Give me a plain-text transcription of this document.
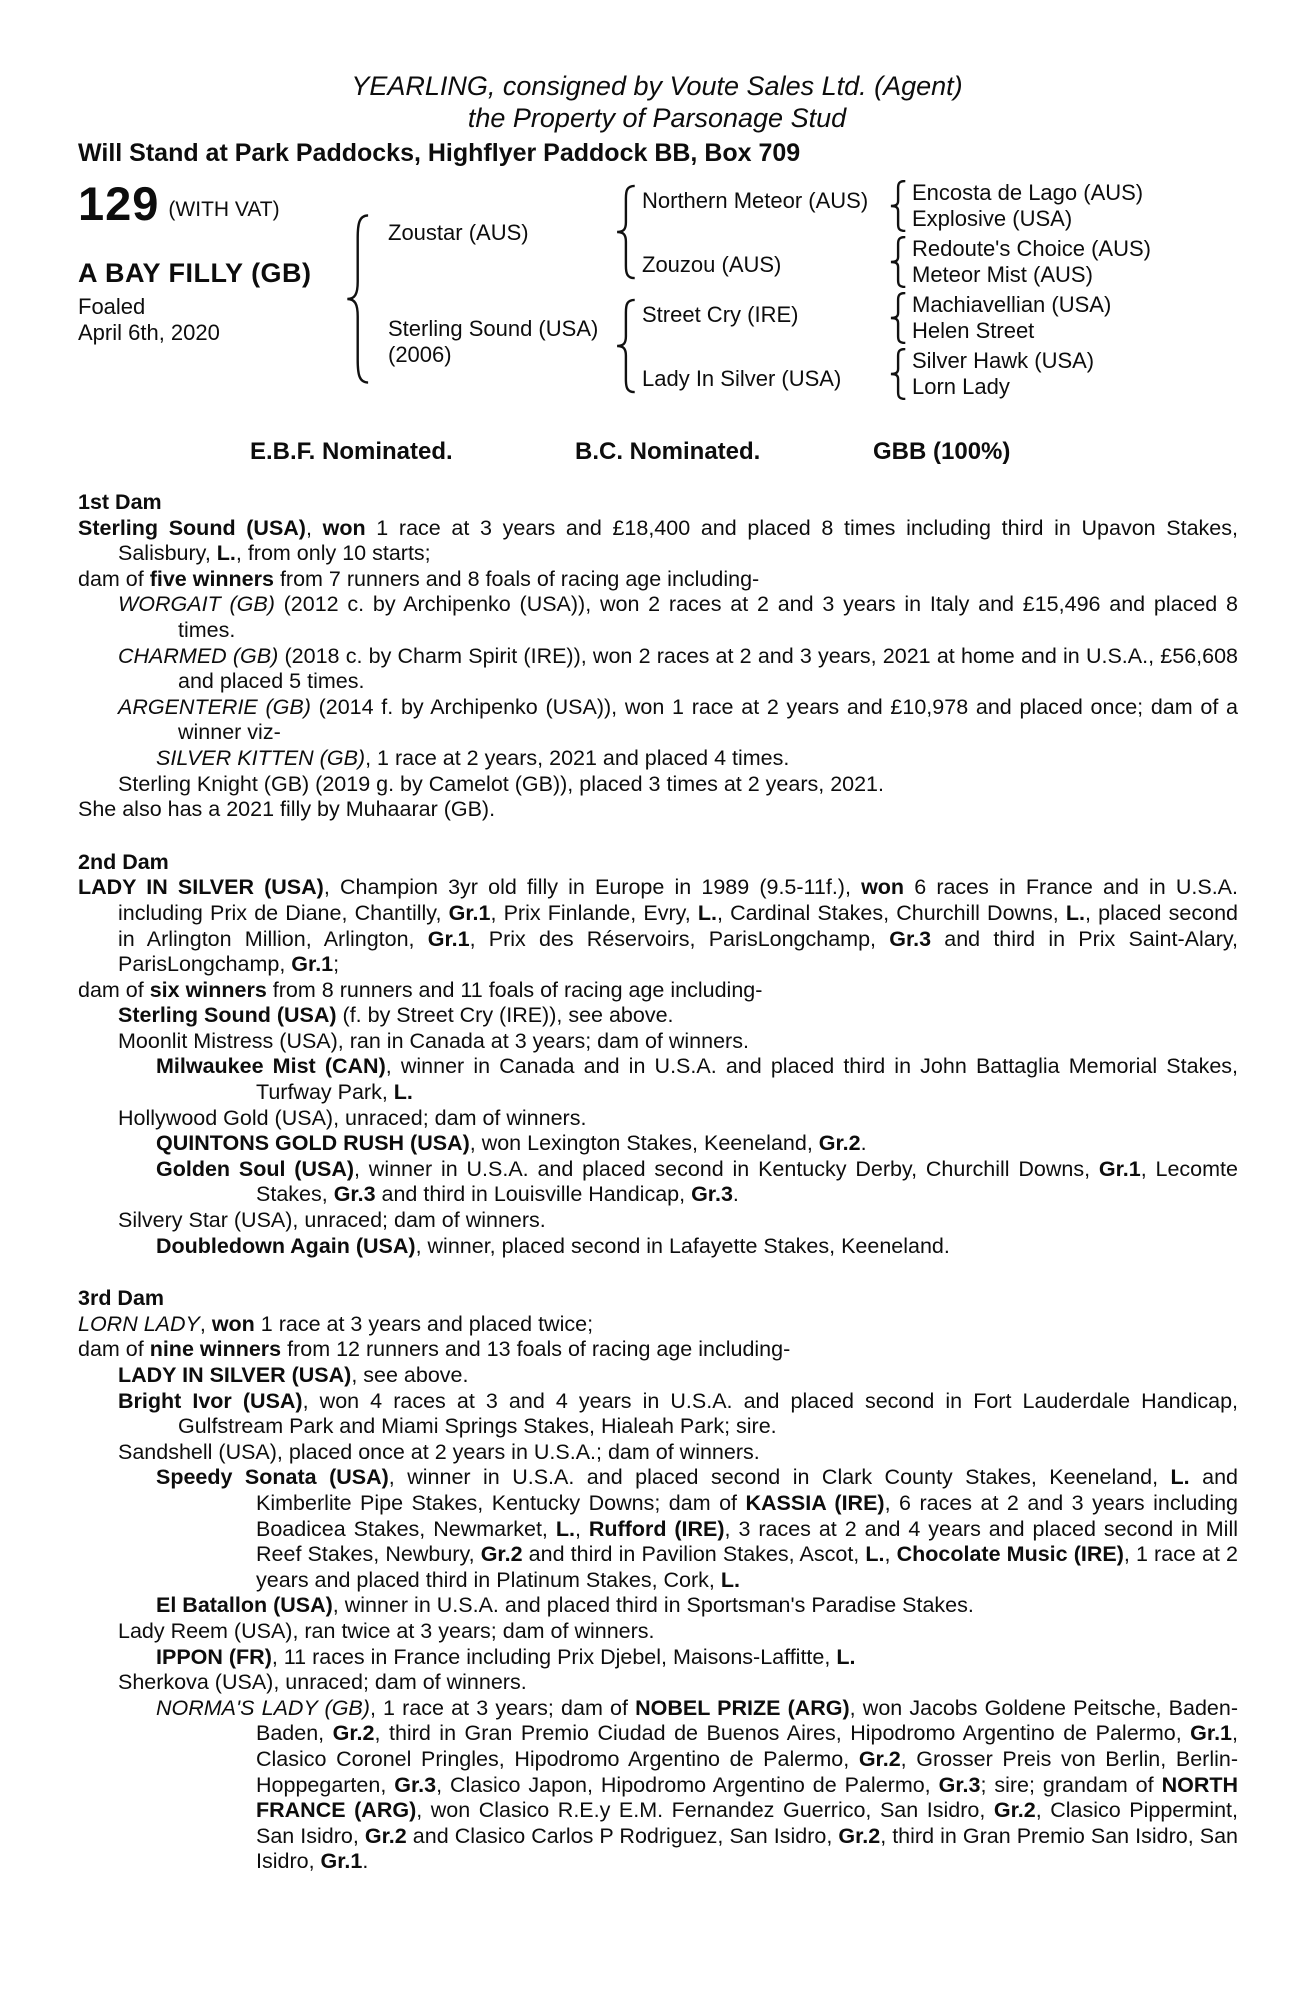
YEARLING, consigned by Voute Sales Ltd. (Agent)
the Property of Parsonage Stud
Will Stand at Park Paddocks, Highflyer Paddock BB, Box 709
129 (WITH VAT)
A BAY FILLY (GB)
Foaled
April 6th, 2020
Zoustar (AUS)
Sterling Sound (USA)
(2006)
Northern Meteor (AUS)
Zouzou (AUS)
Street Cry (IRE)
Lady In Silver (USA)
Encosta de Lago (AUS)
Explosive (USA)
Redoute's Choice (AUS)
Meteor Mist (AUS)
Machiavellian (USA)
Helen Street
Silver Hawk (USA)
Lorn Lady
E.B.F. Nominated.	B.C. Nominated.	GBB (100%)
1st Dam

Sterling Sound (USA), won 1 race at 3 years and £18,400 and placed 8 times including third in Upavon Stakes, Salisbury, L., from only 10 starts;

dam of five winners from 7 runners and 8 foals of racing age including-

WORGAIT (GB) (2012 c. by Archipenko (USA)), won 2 races at 2 and 3 years in Italy and £15,496 and placed 8 times.

CHARMED (GB) (2018 c. by Charm Spirit (IRE)), won 2 races at 2 and 3 years, 2021 at home and in U.S.A., £56,608 and placed 5 times.

ARGENTERIE (GB) (2014 f. by Archipenko (USA)), won 1 race at 2 years and £10,978 and placed once; dam of a winner viz-

SILVER KITTEN (GB), 1 race at 2 years, 2021 and placed 4 times.

Sterling Knight (GB) (2019 g. by Camelot (GB)), placed 3 times at 2 years, 2021.

She also has a 2021 filly by Muhaarar (GB).

2nd Dam

LADY IN SILVER (USA), Champion 3yr old filly in Europe in 1989 (9.5-11f.), won 6 races in France and in U.S.A. including Prix de Diane, Chantilly, Gr.1, Prix Finlande, Evry, L., Cardinal Stakes, Churchill Downs, L., placed second in Arlington Million, Arlington, Gr.1, Prix des Réservoirs, ParisLongchamp, Gr.3 and third in Prix Saint-Alary, ParisLongchamp, Gr.1;

dam of six winners from 8 runners and 11 foals of racing age including-

Sterling Sound (USA) (f. by Street Cry (IRE)), see above.

Moonlit Mistress (USA), ran in Canada at 3 years; dam of winners.

Milwaukee Mist (CAN), winner in Canada and in U.S.A. and placed third in John Battaglia Memorial Stakes, Turfway Park, L.

Hollywood Gold (USA), unraced; dam of winners.

QUINTONS GOLD RUSH (USA), won Lexington Stakes, Keeneland, Gr.2.

Golden Soul (USA), winner in U.S.A. and placed second in Kentucky Derby, Churchill Downs, Gr.1, Lecomte Stakes, Gr.3 and third in Louisville Handicap, Gr.3.

Silvery Star (USA), unraced; dam of winners.

Doubledown Again (USA), winner, placed second in Lafayette Stakes, Keeneland.

3rd Dam

LORN LADY, won 1 race at 3 years and placed twice;

dam of nine winners from 12 runners and 13 foals of racing age including-

LADY IN SILVER (USA), see above.

Bright Ivor (USA), won 4 races at 3 and 4 years in U.S.A. and placed second in Fort Lauderdale Handicap, Gulfstream Park and Miami Springs Stakes, Hialeah Park; sire.

Sandshell (USA), placed once at 2 years in U.S.A.; dam of winners.

Speedy Sonata (USA), winner in U.S.A. and placed second in Clark County Stakes, Keeneland, L. and Kimberlite Pipe Stakes, Kentucky Downs; dam of KASSIA (IRE), 6 races at 2 and 3 years including Boadicea Stakes, Newmarket, L., Rufford (IRE), 3 races at 2 and 4 years and placed second in Mill Reef Stakes, Newbury, Gr.2 and third in Pavilion Stakes, Ascot, L., Chocolate Music (IRE), 1 race at 2 years and placed third in Platinum Stakes, Cork, L.

El Batallon (USA), winner in U.S.A. and placed third in Sportsman's Paradise Stakes.

Lady Reem (USA), ran twice at 3 years; dam of winners.

IPPON (FR), 11 races in France including Prix Djebel, Maisons-Laffitte, L.

Sherkova (USA), unraced; dam of winners.

NORMA'S LADY (GB), 1 race at 3 years; dam of NOBEL PRIZE (ARG), won Jacobs Goldene Peitsche, Baden-Baden, Gr.2, third in Gran Premio Ciudad de Buenos Aires, Hipodromo Argentino de Palermo, Gr.1, Clasico Coronel Pringles, Hipodromo Argentino de Palermo, Gr.2, Grosser Preis von Berlin, Berlin-Hoppegarten, Gr.3, Clasico Japon, Hipodromo Argentino de Palermo, Gr.3; sire; grandam of NORTH FRANCE (ARG), won Clasico R.E.y E.M. Fernandez Guerrico, San Isidro, Gr.2, Clasico Pippermint, San Isidro, Gr.2 and Clasico Carlos P Rodriguez, San Isidro, Gr.2, third in Gran Premio San Isidro, San Isidro, Gr.1.
